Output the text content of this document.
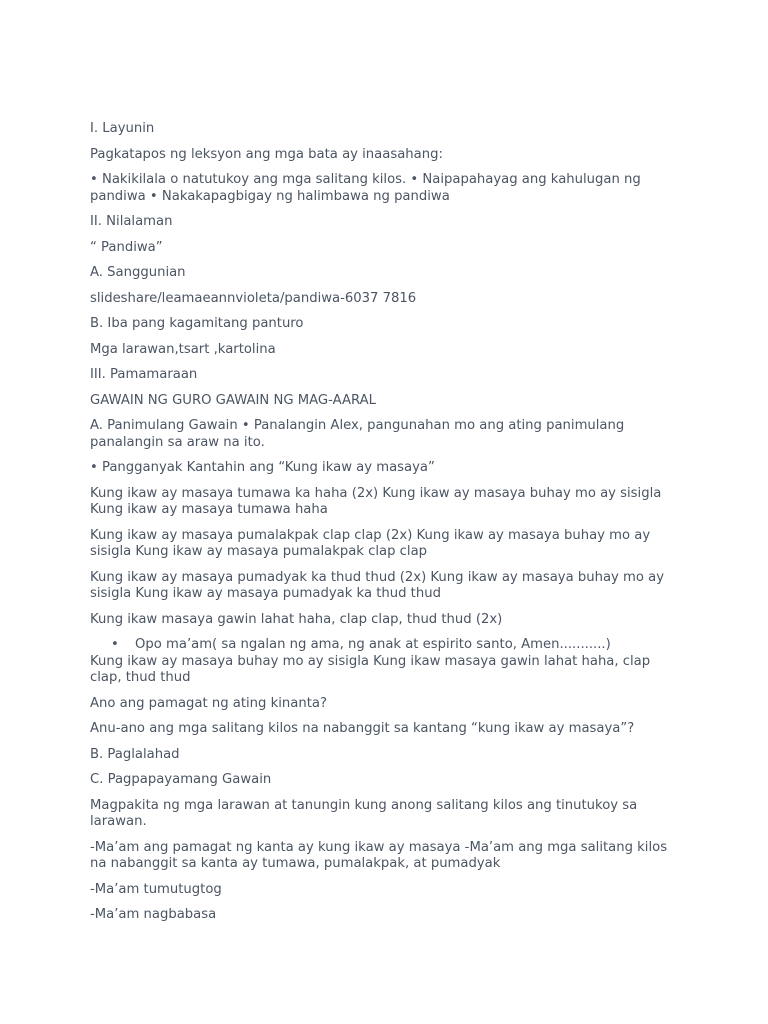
I. Layunin

Pagkatapos ng leksyon ang mga bata ay inaasahang:

• Nakikilala o natutukoy ang mga salitang kilos. • Naipapahayag ang kahulugan ng pandiwa • Nakakapagbigay ng halimbawa ng pandiwa

II. Nilalaman

“ Pandiwa”

A. Sanggunian

slideshare/leamaeannvioleta/pandiwa-6037 7816

B. Iba pang kagamitang panturo

Mga larawan,tsart ,kartolina

III. Pamamaraan

GAWAIN NG GURO GAWAIN NG MAG-AARAL

A. Panimulang Gawain • Panalangin Alex, pangunahan mo ang ating panimulang panalangin sa araw na ito.

• Pangganyak Kantahin ang “Kung ikaw ay masaya”

Kung ikaw ay masaya tumawa ka haha (2x) Kung ikaw ay masaya buhay mo ay sisigla Kung ikaw ay masaya tumawa haha

Kung ikaw ay masaya pumalakpak clap clap (2x) Kung ikaw ay masaya buhay mo ay sisigla Kung ikaw ay masaya pumalakpak clap clap

Kung ikaw ay masaya pumadyak ka thud thud (2x) Kung ikaw ay masaya buhay mo ay sisigla Kung ikaw ay masaya pumadyak ka thud thud

Kung ikaw masaya gawin lahat haha, clap clap, thud thud (2x)

• Opo ma’am( sa ngalan ng ama, ng anak at espirito santo, Amen...........)

Kung ikaw ay masaya buhay mo ay sisigla Kung ikaw masaya gawin lahat haha, clap clap, thud thud

Ano ang pamagat ng ating kinanta?

Anu-ano ang mga salitang kilos na nabanggit sa kantang “kung ikaw ay masaya”?

B. Paglalahad

C. Pagpapayamang Gawain

Magpakita ng mga larawan at tanungin kung anong salitang kilos ang tinutukoy sa larawan.

-Ma’am ang pamagat ng kanta ay kung ikaw ay masaya -Ma’am ang mga salitang kilos na nabanggit sa kanta ay tumawa, pumalakpak, at pumadyak

-Ma’am tumutugtog

-Ma’am nagbabasa
